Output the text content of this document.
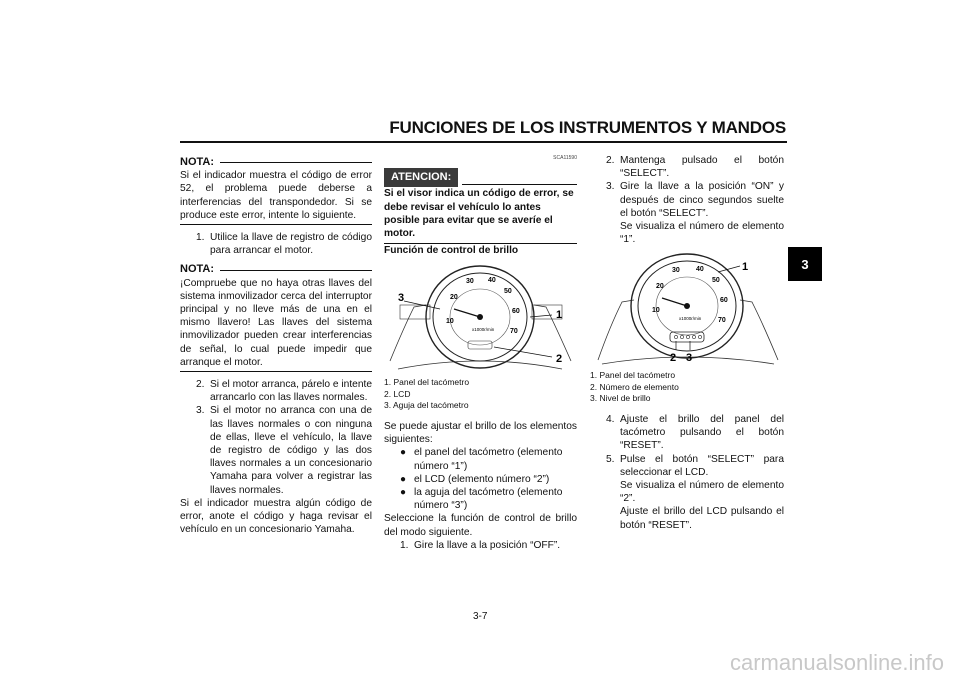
FUNCIONES DE LOS INSTRUMENTOS Y MANDOS
3
NOTA:

Si el indicador muestra el código de error 52, el problema puede deberse a interferencias del transpondedor. Si se produce este error, intente lo siguiente.

1. Utilice la llave de registro de código para arrancar el motor.
NOTA:

¡Compruebe que no haya otras llaves del sistema inmovilizador cerca del interruptor principal y no lleve más de una en el mismo llavero! Las llaves del sistema inmovilizador pueden crear interferencias de señal, lo cual puede impedir que arranque el motor.

2. Si el motor arranca, párelo e intente arrancarlo con las llaves normales.
3. Si el motor no arranca con una de las llaves normales o con ninguna de ellas, lleve el vehículo, la llave de registro de código y las dos llaves normales a un concesionario Yamaha para volver a registrar las llaves normales.

Si el indicador muestra algún código de error, anote el código y haga revisar el vehículo en un concesionario Yamaha.

SCA11590
ATENCION:

Si el visor indica un código de error, se debe revisar el vehículo lo antes posible para evitar que se averíe el motor.

Función de control de brillo

10
20
30 40
50
60
70
x1000r/min
3
1
2
1. Panel del tacómetro
2. LCD
3. Aguja del tacómetro

Se puede ajustar el brillo de los elementos siguientes:

● el panel del tacómetro (elemento número “1”)
● el LCD (elemento número “2”)
● la aguja del tacómetro (elemento número “3”)

Seleccione la función de control de brillo del modo siguiente.

1. Gire la llave a la posición “OFF”.
2. Mantenga pulsado el botón “SELECT”.
3. Gire la llave a la posición “ON” y después de cinco segundos suelte el botón “SELECT”.
Se visualiza el número de elemento “1”.
10
20
30 40
50
60
70
x1000r/min
1
2 3
1. Panel del tacómetro
2. Número de elemento
3. Nivel de brillo
4. Ajuste el brillo del panel del tacómetro pulsando el botón “RESET”.
5. Pulse el botón “SELECT” para seleccionar el LCD.
Se visualiza el número de elemento “2”.
Ajuste el brillo del LCD pulsando el botón “RESET”.
3-7
carmanualsonline.info
